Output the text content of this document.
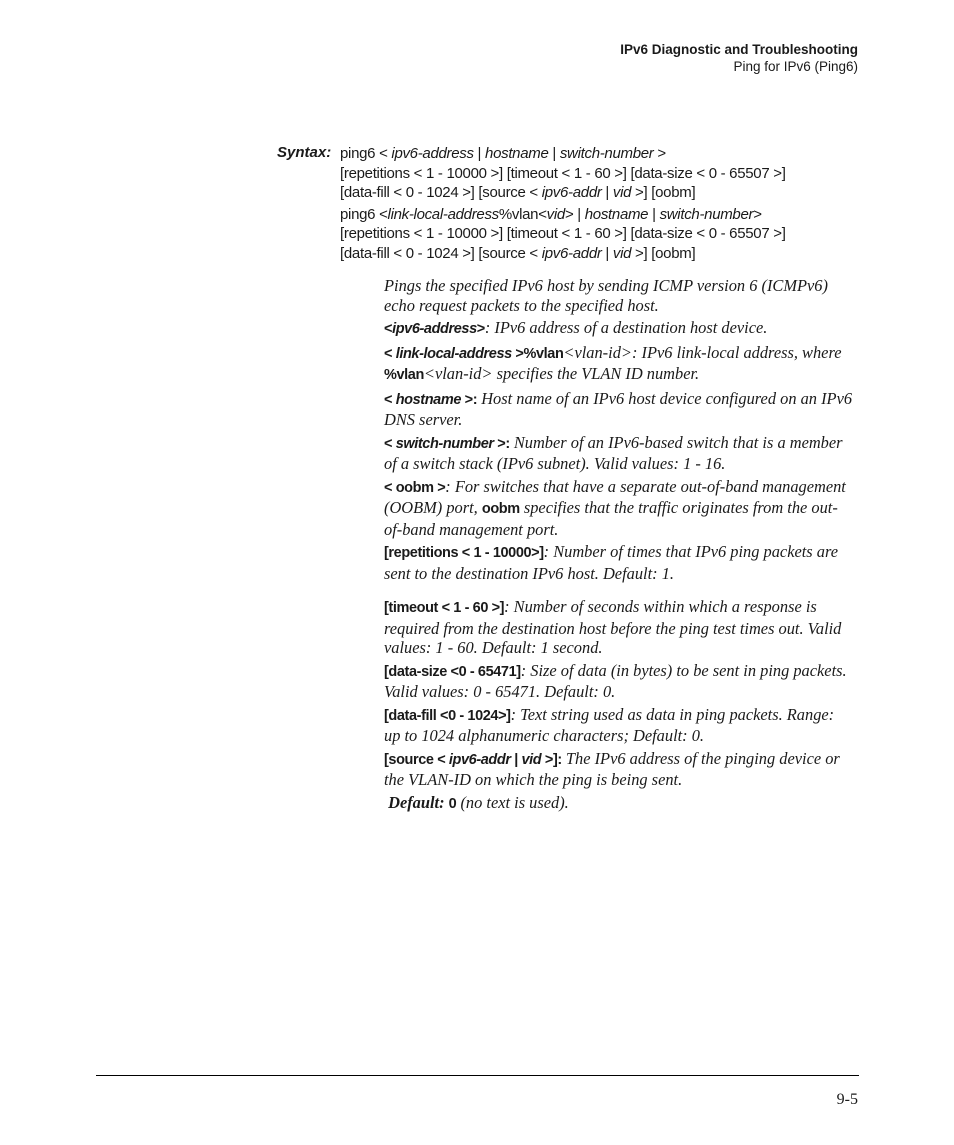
IPv6 Diagnostic and Troubleshooting
Ping for IPv6 (Ping6)
Syntax: ping6 < ipv6-address | hostname | switch-number >
[repetitions < 1 - 10000 >] [timeout < 1 - 60 >] [data-size < 0 - 65507 >]
[data-fill < 0 - 1024 >] [source < ipv6-addr | vid >] [oobm]
ping6 <link-local-address%vlan<vid> | hostname | switch-number>
[repetitions < 1 - 10000 >] [timeout < 1 - 60 >] [data-size < 0 - 65507 >]
[data-fill < 0 - 1024 >] [source < ipv6-addr | vid >] [oobm]

Pings the specified IPv6 host by sending ICMP version 6 (ICMPv6) echo request packets to the specified host.

<ipv6-address>: IPv6 address of a destination host device.

< link-local-address >%vlan<vlan-id>: IPv6 link-local address, where %vlan<vlan-id> specifies the VLAN ID number.

< hostname >: Host name of an IPv6 host device configured on an IPv6 DNS server.

< switch-number >: Number of an IPv6-based switch that is a member of a switch stack (IPv6 subnet). Valid values: 1 - 16.

< oobm >: For switches that have a separate out-of-band management (OOBM) port, oobm specifies that the traffic originates from the out-of-band management port.

[repetitions < 1 - 10000>]: Number of times that IPv6 ping packets are sent to the destination IPv6 host. Default: 1.

[timeout < 1 - 60 >]: Number of seconds within which a response is required from the destination host before the ping test times out. Valid values: 1 - 60. Default: 1 second.

[data-size <0 - 65471]: Size of data (in bytes) to be sent in ping packets. Valid values: 0 - 65471. Default: 0.

[data-fill <0 - 1024>]: Text string used as data in ping packets. Range: up to 1024 alphanumeric characters; Default: 0.

[source < ipv6-addr | vid >]: The IPv6 address of the pinging device or the VLAN-ID on which the ping is being sent.

Default: 0 (no text is used).

9-5
